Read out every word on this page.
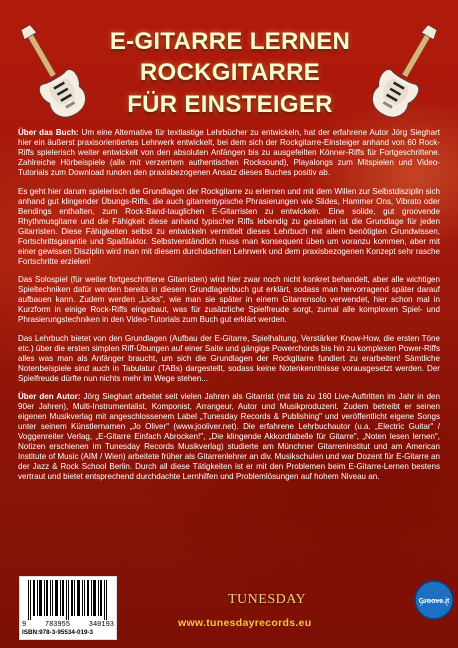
E-GITARRE LERNEN
ROCKGITARRE
FÜR EINSTEIGER

Über das Buch: Um eine Alternative für textlastige Lehrbücher zu entwickeln, hat der erfahrene Autor Jörg Sieghart hier ein äußerst praxisorientiertes Lehrwerk entwickelt, bei dem sich der Rockgitarre-Einsteiger anhand von 60 Rock-Riffs spielerisch weiter entwickelt von den absoluten Anfängen bis zu ausgefeilten Könner-Riffs für Fortgeschrittene. Zahlreiche Hörbeispiele (alle mit verzerrtem authentischen Rocksound), Playalongs zum Mitspielen und Video-Tutorials zum Download runden den praxisbezogenen Ansatz dieses Buches positiv ab.

Es geht hier darum spielerisch die Grundlagen der Rockgitarre zu erlernen und mit dem Willen zur Selbstdisziplin sich anhand gut klingender Übungs-Riffs, die auch gitarrentypische Phrasierungen wie Slides, Hammer Ons, Vibrato oder Bendings enthalten, zum Rock-Band-tauglichen E-Gitarristen zu entwickeln. Eine solide, gut groovende Rhythmusgitarre und die Fähigkeit diese anhand typischer Riffs lebendig zu gestalten ist die Grundlage für jeden Gitarristen. Diese Fähigkeiten selbst zu entwickeln vermittelt dieses Lehrbuch mit allem benötigten Grundwissen, Fortschrittsgarantie und Spaßfaktor. Selbstverständlich muss man konsequent üben um voranzu kommen, aber mit einer gewissen Disziplin wird man mit diesem durchdachten Lehrwerk und dem praxisbezogenen Konzept sehr rasche Fortschritte erzielen!

Das Solospiel (für weiter fortgeschrittene Gitarristen) wird hier zwar noch nicht konkret behandelt, aber alle wichtigen Spieltechniken dafür werden bereits in diesem Grundlagenbuch gut erklärt, sodass man hervorragend später darauf aufbauen kann. Zudem werden „Licks", wie man sie später in einem Gitarrensolo verwendet, hier schon mal in Kurzform in einige Rock-Riffs eingebaut, was für zusätzliche Spielfreude sorgt, zumal alle komplexen Spiel- und Phrasierungstechniken in den Video-Tutorials zum Buch gut erklärt werden.

Das Lehrbuch bietet von den Grundlagen (Aufbau der E-Gitarre, Spielhaltung, Verstärker Know-How, die ersten Töne etc.) über die ersten simplen Riff-Übungen auf einer Saite und gängige Powerchords bis hin zu komplexen Power-Riffs alles was man als Anfänger braucht, um sich die Grundlagen der Rockgitarre fundiert zu erarbeiten! Sämtliche Notenbeispiele sind auch in Tabulatur (TABs) dargestellt, sodass keine Notenkenntnisse vorausgesetzt werden. Der Spielfreude dürfte nun nichts mehr im Wege stehen...

Über den Autor: Jörg Sieghart arbeitet seit vielen Jahren als Gitarrist (mit bis zu 160 Live-Auftritten im Jahr in den 90er Jahren), Multi-Instrumentalist, Komponist, Arrangeur, Autor und Musikproduzent. Zudem betreibt er seinen eigenen Musikverlag mit angeschlossenem Label „Tunesday Records & Publishing" und veröffentlicht eigene Songs unter seinem Künstlernamen „Jo Oliver" (www.jooliver.net). Die erfahrene Lehrbuchautor (u.a. „Electric Guitar" / Voggenreiter Verlag, „E-Gitarre Einfach Abrocken!", „Die klingende Akkordtabelle für Gitarre", „Noten lesen lernen", Notizen erschienen im Tunesday Records Musikverlag) studierte am Münchner Gitarreninstitut und am American Institute of Music (AIM / Wien) arbeitete früher als Gitarrenlehrer an div. Musikschulen und war Dozent für E-Gitarre an der Jazz & Rock School Berlin. Durch all diese Tätigkeiten ist er mit den Problemen beim E-Gitarre-Lernen bestens vertraut und bietet entsprechend durchdachte Lernhilfen und Problemlösungen auf hohem Niveau an.

9	783955	340193
ISBN:978-3-95534-019-3
TUNESDAY
www.tunesdayrecords.eu
Groove it
